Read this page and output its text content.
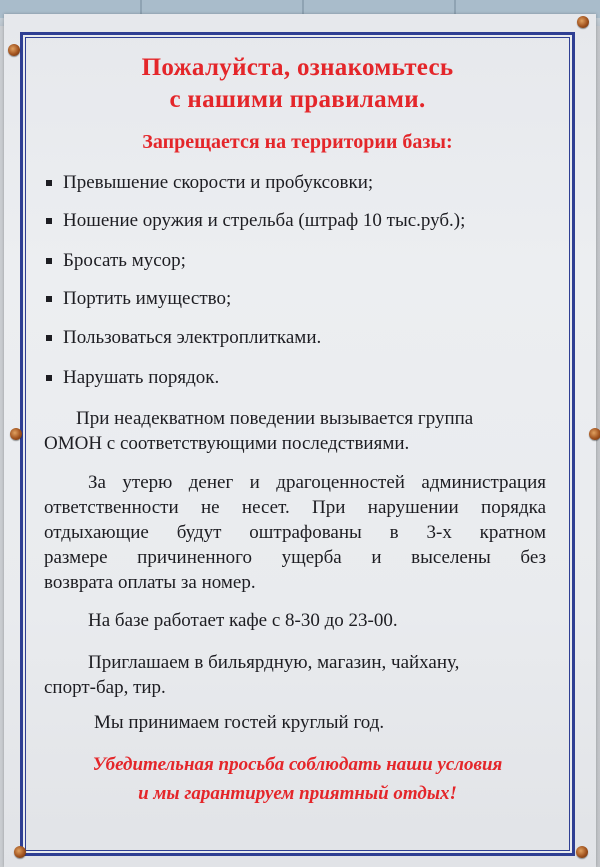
Пожалуйста, ознакомьтесь
с нашими правилами.
Запрещается на территории базы:
Превышение скорости и пробуксовки;
Ношение оружия и стрельба (штраф 10 тыс.руб.);
Бросать мусор;
Портить имущество;
Пользоваться электроплитками.
Нарушать порядок.
При неадекватном поведении вызывается группа
ОМОН с соответствующими последствиями.
За утерю денег и драгоценностей администрация
ответственности не несет. При нарушении порядка
отдыхающие будут оштрафованы в 3-х кратном
размере причиненного ущерба и выселены без
возврата оплаты за номер.
На базе работает кафе с 8-30 до 23-00.
Приглашаем в бильярдную, магазин, чайхану,
спорт-бар, тир.
Мы принимаем гостей круглый год.
Убедительная просьба соблюдать наши условия
и мы гарантируем приятный отдых!
